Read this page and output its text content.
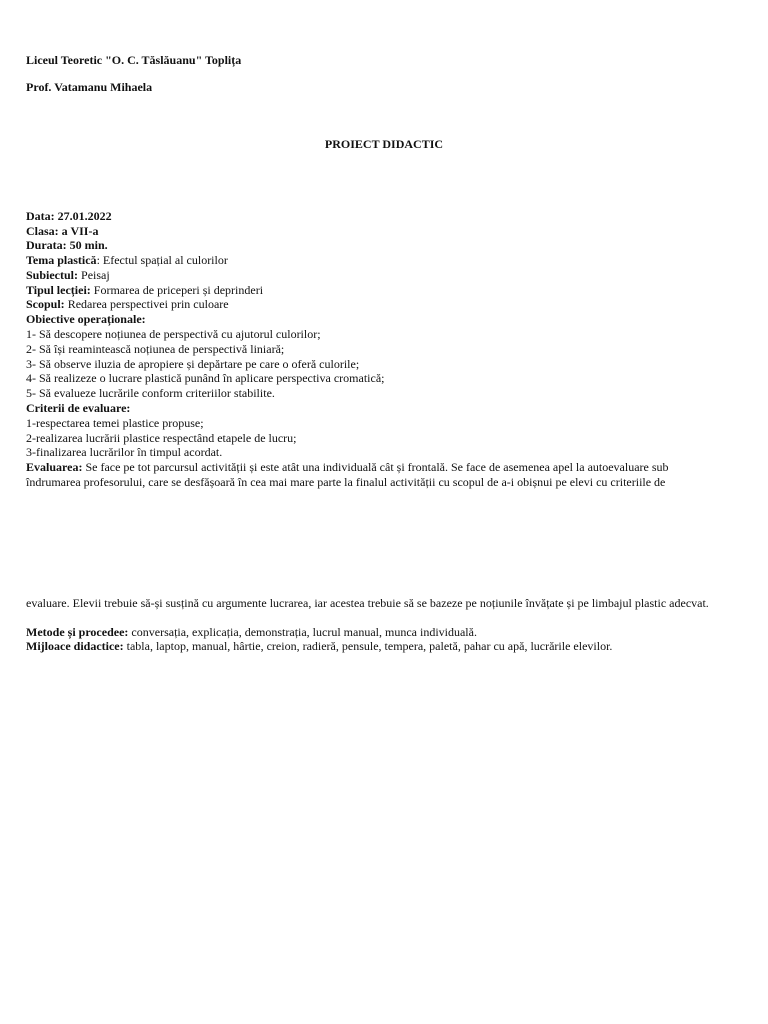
Liceul Teoretic "O. C. Tăslăuanu" Toplița
Prof. Vatamanu Mihaela
PROIECT DIDACTIC
Data: 27.01.2022
Clasa: a VII-a
Durata: 50 min.
Tema plastică: Efectul spațial al culorilor
Subiectul: Peisaj
Tipul lecției: Formarea de priceperi și deprinderi
Scopul: Redarea perspectivei prin culoare
Obiective operaționale:
1- Să descopere noțiunea de perspectivă cu ajutorul culorilor;
2- Să își reamintească noțiunea de perspectivă liniară;
3- Să observe iluzia de apropiere și depărtare pe care o oferă culorile;
4- Să realizeze o lucrare plastică punând în aplicare perspectiva cromatică;
5- Să evalueze lucrările conform criteriilor stabilite.
Criterii de evaluare:
1-respectarea temei plastice propuse;
2-realizarea lucrării plastice respectând etapele de lucru;
3-finalizarea lucrărilor în timpul acordat.
Evaluarea: Se face pe tot parcursul activității și este atât una individuală cât și frontală. Se face de asemenea apel la autoevaluare sub îndrumarea profesorului, care se desfășoară în cea mai mare parte la finalul activității cu scopul de a-i obișnui pe elevi cu criteriile de
evaluare. Elevii trebuie să-și susțină cu argumente lucrarea, iar acestea trebuie să se bazeze pe noțiunile învățate și pe limbajul plastic adecvat.
Metode și procedee: conversația, explicația, demonstrația, lucrul manual, munca individuală.
Mijloace didactice: tabla, laptop, manual, hârtie, creion, radieră, pensule, tempera, paletă, pahar cu apă, lucrările elevilor.
